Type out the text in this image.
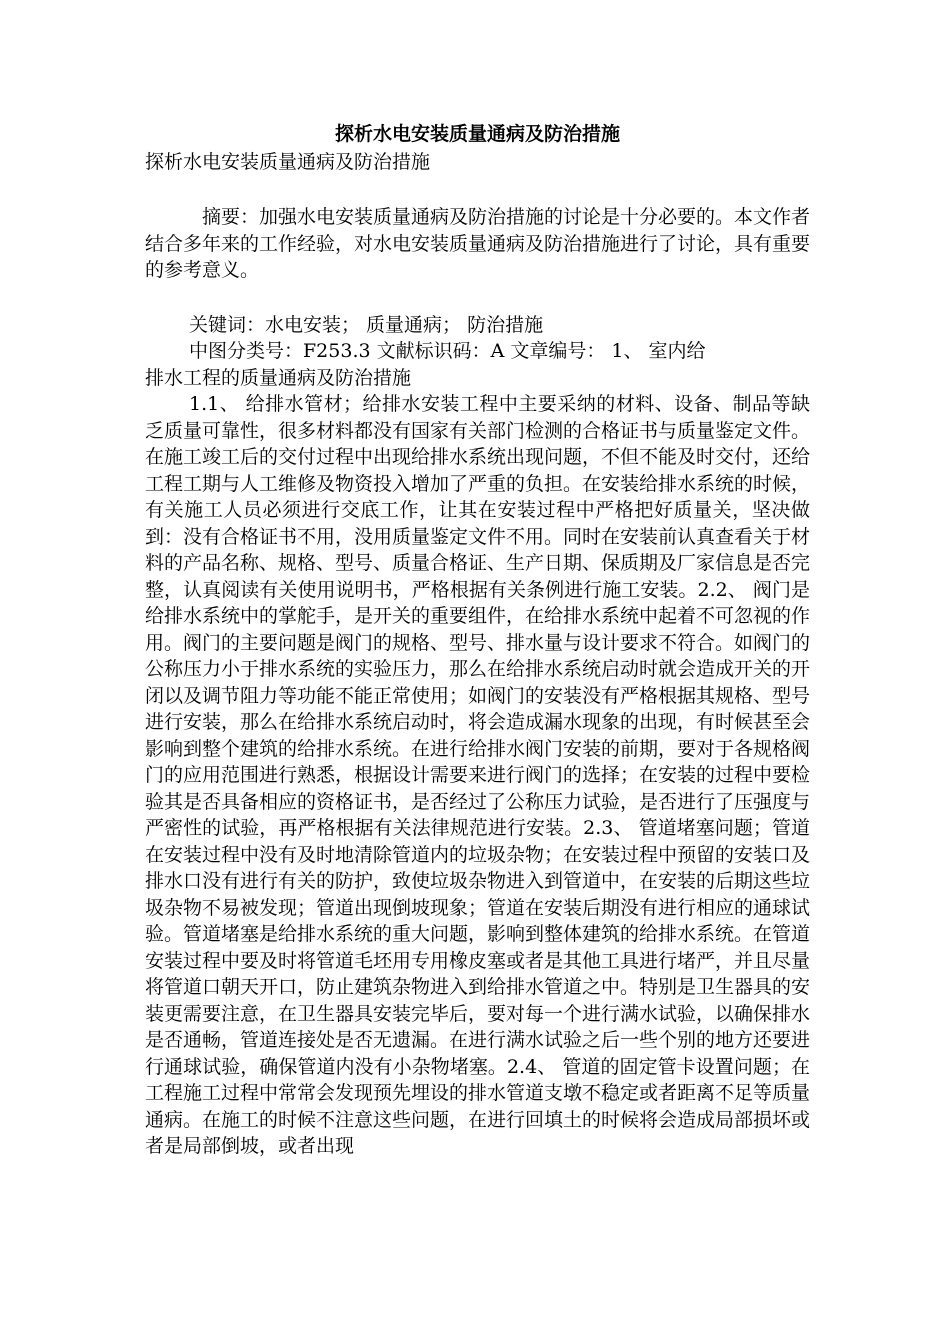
探析水电安装质量通病及防治措施

探析水电安装质量通病及防治措施

摘要：加强水电安装质量通病及防治措施的讨论是十分必要的。本文作者结合多年来的工作经验，对水电安装质量通病及防治措施进行了讨论，具有重要的参考意义。

关键词：水电安装； 质量通病； 防治措施

中图分类号：F253.3 文献标识码：A 文章编号： 1、 室内给

排水工程的质量通病及防治措施

1.1、 给排水管材；给排水安装工程中主要采纳的材料、设备、制品等缺乏质量可靠性，很多材料都没有国家有关部门检测的合格证书与质量鉴定文件。在施工竣工后的交付过程中出现给排水系统出现问题，不但不能及时交付，还给工程工期与人工维修及物资投入增加了严重的负担。在安装给排水系统的时候，有关施工人员必须进行交底工作，让其在安装过程中严格把好质量关，坚决做到：没有合格证书不用，没用质量鉴定文件不用。同时在安装前认真查看关于材料的产品名称、规格、型号、质量合格证、生产日期、保质期及厂家信息是否完整，认真阅读有关使用说明书，严格根据有关条例进行施工安装。2.2、 阀门是给排水系统中的掌舵手，是开关的重要组件，在给排水系统中起着不可忽视的作用。阀门的主要问题是阀门的规格、型号、排水量与设计要求不符合。如阀门的公称压力小于排水系统的实验压力，那么在给排水系统启动时就会造成开关的开闭以及调节阻力等功能不能正常使用；如阀门的安装没有严格根据其规格、型号进行安装，那么在给排水系统启动时，将会造成漏水现象的出现，有时候甚至会影响到整个建筑的给排水系统。在进行给排水阀门安装的前期，要对于各规格阀门的应用范围进行熟悉，根据设计需要来进行阀门的选择；在安装的过程中要检验其是否具备相应的资格证书，是否经过了公称压力试验，是否进行了压强度与严密性的试验，再严格根据有关法律规范进行安装。2.3、 管道堵塞问题；管道在安装过程中没有及时地清除管道内的垃圾杂物；在安装过程中预留的安装口及排水口没有进行有关的防护，致使垃圾杂物进入到管道中，在安装的后期这些垃圾杂物不易被发现；管道出现倒坡现象；管道在安装后期没有进行相应的通球试验。管道堵塞是给排水系统的重大问题，影响到整体建筑的给排水系统。在管道安装过程中要及时将管道毛坯用专用橡皮塞或者是其他工具进行堵严，并且尽量将管道口朝天开口，防止建筑杂物进入到给排水管道之中。特别是卫生器具的安装更需要注意，在卫生器具安装完毕后，要对每一个进行满水试验，以确保排水是否通畅，管道连接处是否无遗漏。在进行满水试验之后一些个别的地方还要进行通球试验，确保管道内没有小杂物堵塞。2.4、 管道的固定管卡设置问题；在工程施工过程中常常会发现预先埋设的排水管道支墩不稳定或者距离不足等质量通病。在施工的时候不注意这些问题，在进行回填土的时候将会造成局部损坏或者是局部倒坡，或者出现
